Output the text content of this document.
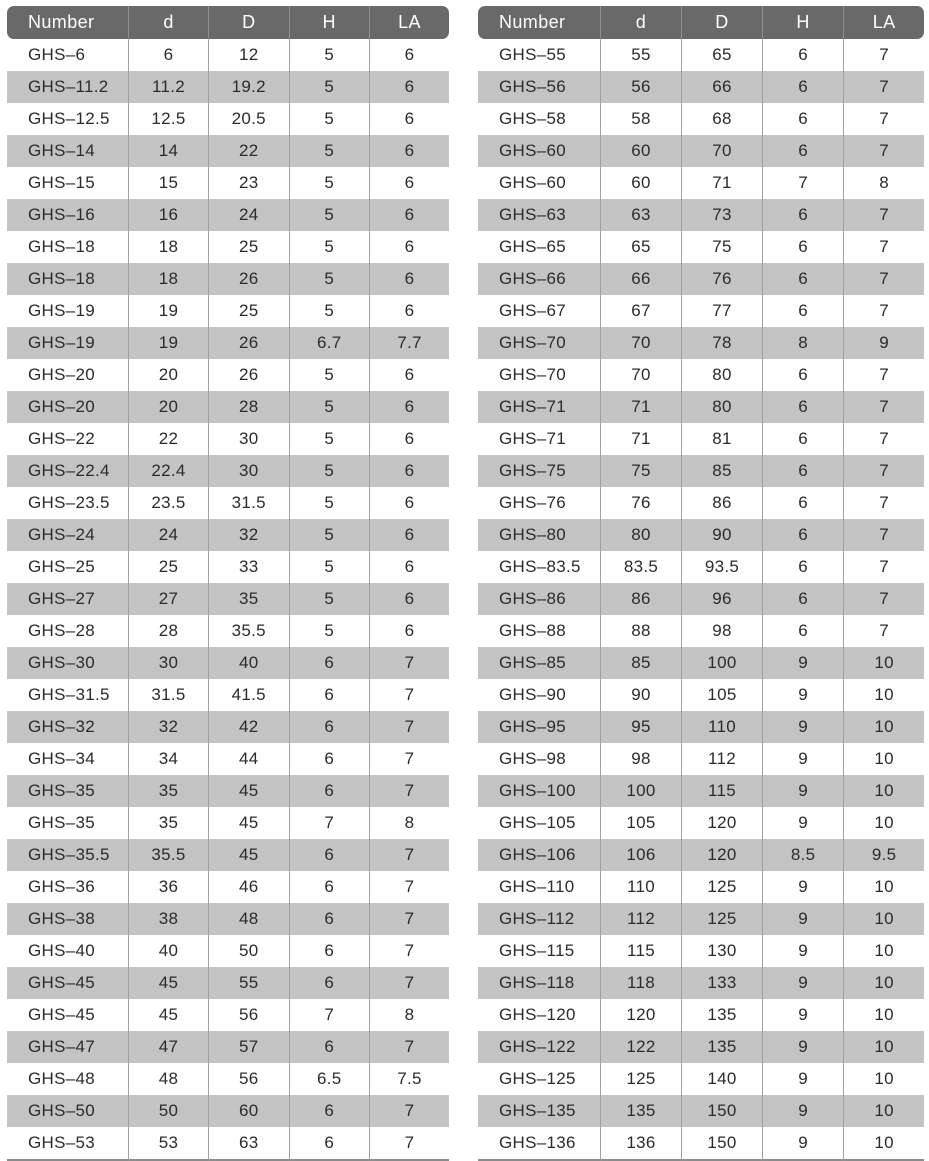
Number	d	D	H	LA
GHS–6	6	12	5	6
GHS–11.2	11.2	19.2	5	6
GHS–12.5	12.5	20.5	5	6
GHS–14	14	22	5	6
GHS–15	15	23	5	6
GHS–16	16	24	5	6
GHS–18	18	25	5	6
GHS–18	18	26	5	6
GHS–19	19	25	5	6
GHS–19	19	26	6.7	7.7
GHS–20	20	26	5	6
GHS–20	20	28	5	6
GHS–22	22	30	5	6
GHS–22.4	22.4	30	5	6
GHS–23.5	23.5	31.5	5	6
GHS–24	24	32	5	6
GHS–25	25	33	5	6
GHS–27	27	35	5	6
GHS–28	28	35.5	5	6
GHS–30	30	40	6	7
GHS–31.5	31.5	41.5	6	7
GHS–32	32	42	6	7
GHS–34	34	44	6	7
GHS–35	35	45	6	7
GHS–35	35	45	7	8
GHS–35.5	35.5	45	6	7
GHS–36	36	46	6	7
GHS–38	38	48	6	7
GHS–40	40	50	6	7
GHS–45	45	55	6	7
GHS–45	45	56	7	8
GHS–47	47	57	6	7
GHS–48	48	56	6.5	7.5
GHS–50	50	60	6	7
GHS–53	53	63	6	7
Number	d	D	H	LA
GHS–55	55	65	6	7
GHS–56	56	66	6	7
GHS–58	58	68	6	7
GHS–60	60	70	6	7
GHS–60	60	71	7	8
GHS–63	63	73	6	7
GHS–65	65	75	6	7
GHS–66	66	76	6	7
GHS–67	67	77	6	7
GHS–70	70	78	8	9
GHS–70	70	80	6	7
GHS–71	71	80	6	7
GHS–71	71	81	6	7
GHS–75	75	85	6	7
GHS–76	76	86	6	7
GHS–80	80	90	6	7
GHS–83.5	83.5	93.5	6	7
GHS–86	86	96	6	7
GHS–88	88	98	6	7
GHS–85	85	100	9	10
GHS–90	90	105	9	10
GHS–95	95	110	9	10
GHS–98	98	112	9	10
GHS–100	100	115	9	10
GHS–105	105	120	9	10
GHS–106	106	120	8.5	9.5
GHS–110	110	125	9	10
GHS–112	112	125	9	10
GHS–115	115	130	9	10
GHS–118	118	133	9	10
GHS–120	120	135	9	10
GHS–122	122	135	9	10
GHS–125	125	140	9	10
GHS–135	135	150	9	10
GHS–136	136	150	9	10
